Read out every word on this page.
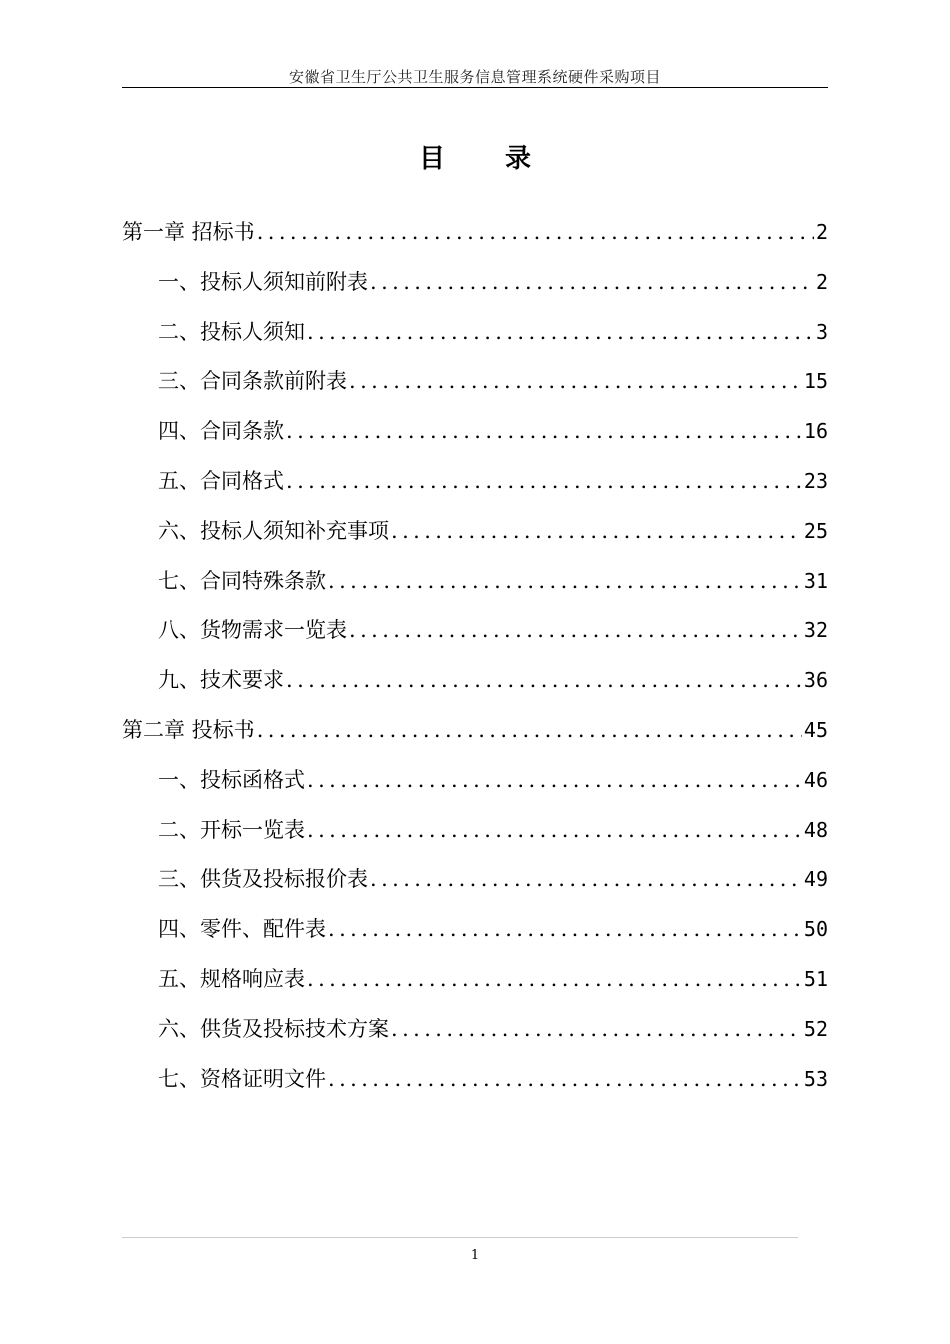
安徽省卫生厅公共卫生服务信息管理系统硬件采购项目
目录
第一章 招标书 .....	2
一、投标人须知前附表 .....	2
二、投标人须知 .....	3
三、合同条款前附表 .....	15
四、合同条款 .....	16
五、合同格式 .....	23
六、投标人须知补充事项 .....	25
七、合同特殊条款 .....	31
八、货物需求一览表 .....	32
九、技术要求 .....	36
第二章 投标书 .....	45
一、投标函格式 .....	46
二、开标一览表 .....	48
三、供货及投标报价表 .....	49
四、零件、配件表 .....	50
五、规格响应表 .....	51
六、供货及投标技术方案 .....	52
七、资格证明文件 .....	53
1
